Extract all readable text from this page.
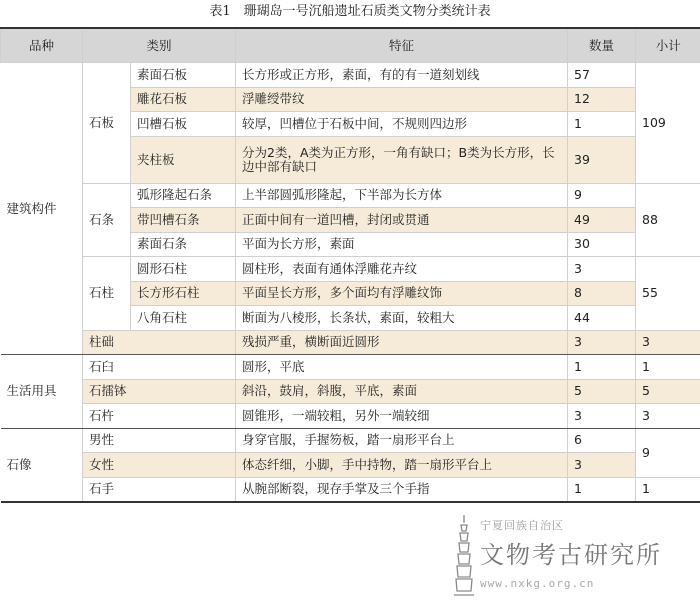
表1　珊瑚岛一号沉船遗址石质类文物分类统计表
品种	类别		特征	数量	小计
建筑构件	石板	素面石板	长方形或正方形，素面，有的有一道刻划线	57	109
		雕花石板	浮雕绶带纹	12	
		凹槽石板	较厚，凹槽位于石板中间，不规则四边形	1	
		夹柱板	分为2类，A类为正方形，一角有缺口；B类为长方形，长边中部有缺口	39	
	石条	弧形隆起石条	上半部圆弧形隆起，下半部为长方体	9	88
		带凹槽石条	正面中间有一道凹槽，封闭或贯通	49	
		素面石条	平面为长方形，素面	30	
	石柱	圆形石柱	圆柱形，表面有通体浮雕花卉纹	3	55
		长方形石柱	平面呈长方形，多个面均有浮雕纹饰	8	
		八角石柱	断面为八棱形，长条状，素面，较粗大	44	
	柱础		残损严重，横断面近圆形	3	3
生活用具	石臼		圆形，平底	1	1
	石擂钵		斜沿，鼓肩，斜腹，平底，素面	5	5
	石杵		圆锥形，一端较粗，另外一端较细	3	3
石像	男性		身穿官服，手握笏板，踏一扇形平台上	6	9
	女性		体态纤细，小脚，手中持物，踏一扇形平台上	3	
	石手		从腕部断裂，现存手掌及三个手指	1	1
宁夏回族自治区
文物考古研究所
www.nxkg.org.cn
